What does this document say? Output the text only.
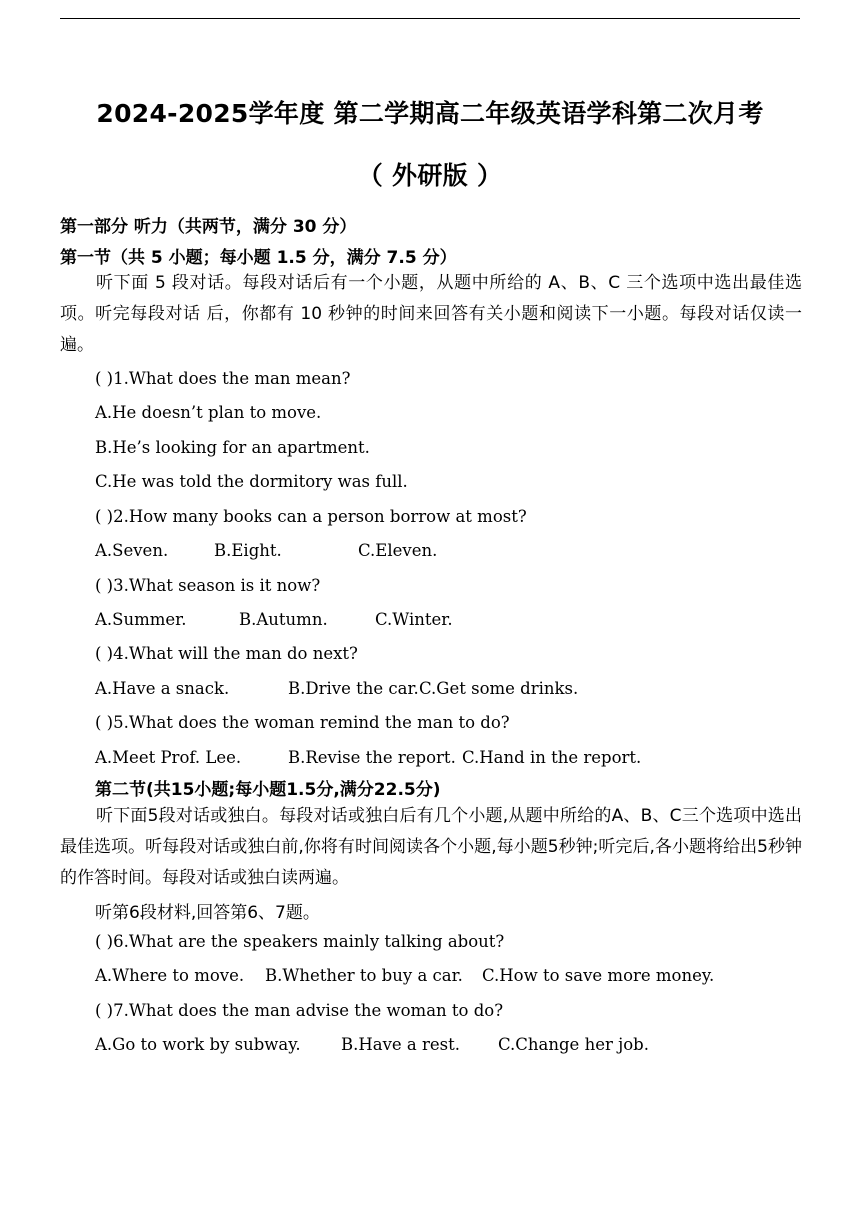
2024-2025学年度 第二学期高二年级英语学科第二次月考
（ 外研版 ）
第一部分 听力（共两节，满分 30 分）
第一节（共 5 小题；每小题 1.5 分，满分 7.5 分）
听下面 5 段对话。每段对话后有一个小题，从题中所给的 A、B、C 三个选项中选出最佳选项。听完每段对话 后，你都有 10 秒钟的时间来回答有关小题和阅读下一小题。每段对话仅读一遍。
( )1.What does the man mean?
A.He doesn’t plan to move.
B.He’s looking for an apartment.
C.He was told the dormitory was full.
( )2.How many books can a person borrow at most?
A.Seven.	B.Eight.	C.Eleven.
( )3.What season is it now?
A.Summer.	B.Autumn.	C.Winter.
( )4.What will the man do next?
A.Have a snack.	B.Drive the car. C.Get some drinks.
( )5.What does the woman remind the man to do?
A.Meet Prof. Lee.	B.Revise the report. C.Hand in the report.
第二节(共15小题;每小题1.5分,满分22.5分)
听下面5段对话或独白。每段对话或独白后有几个小题,从题中所给的A、B、C三个选项中选出最佳选项。听每段对话或独白前,你将有时间阅读各个小题,每小题5秒钟;听完后,各小题将给出5秒钟的作答时间。每段对话或独白读两遍。
听第6段材料,回答第6、7题。
( )6.What are the speakers mainly talking about?
A.Where to move. B.Whether to buy a car. C.How to save more money.
( )7.What does the man advise the woman to do?
A.Go to work by subway. B.Have a rest. C.Change her job.
